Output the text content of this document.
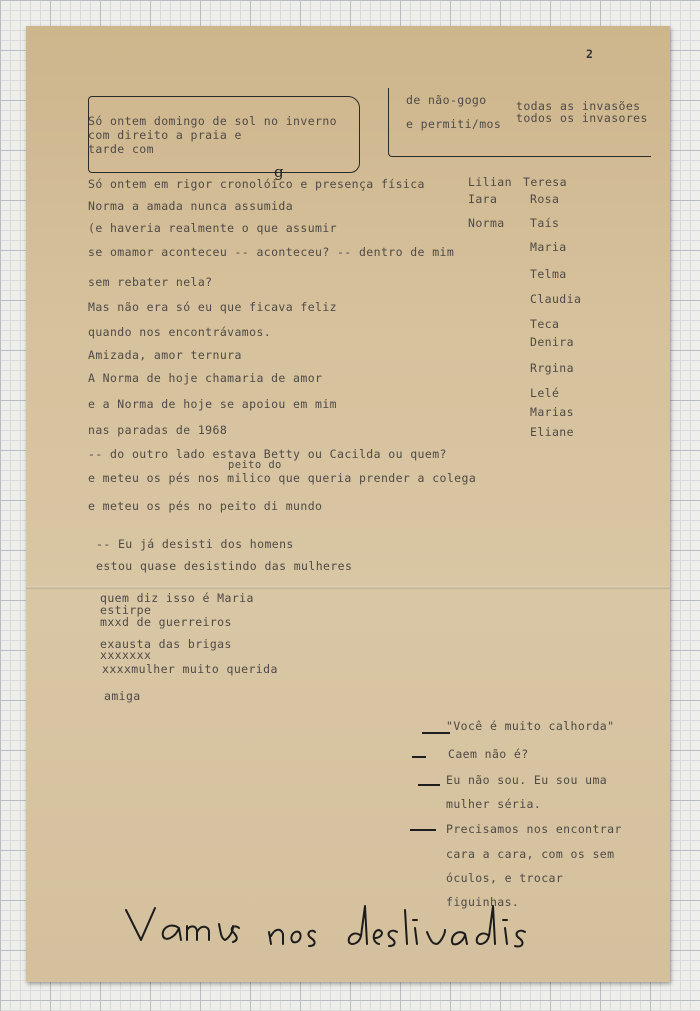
2
Só ontem domingo de sol no inverno
com direito a praia e
tarde com
de não-gogo
e permiti/mos
todas as invasões
todos os invasores
g
Só ontem em rigor cronolóico e presença física
Norma a amada nunca assumida
(e haveria realmente o que assumir
se omamor aconteceu -- aconteceu? -- dentro de mim
sem rebater nela?
Mas não era só eu que ficava feliz
quando nos encontrávamos.
Amizada, amor ternura
A Norma de hoje chamaria de amor
e a Norma de hoje se apoiou em mim
nas paradas de 1968
-- do outro lado estava Betty ou Cacilda ou quem?
peito do
e meteu os pés nos milico que queria prender a colega
e meteu os pés no peito di mundo
Lilian
Iara
Norma
Teresa
Rosa
Taís
Maria
Telma
Claudia
Teca
Denira
Rrgina
Lelé
Marias
Eliane
-- Eu já desisti dos homens
estou quase desistindo das mulheres
quem diz isso é Maria
estirpe
mxxd de guerreiros
exausta das brigas
xxxxxxx
xxxxmulher muito querida
amiga
"Você é muito calhorda"
Caem não é?
Eu não sou. Eu sou uma
mulher séria.
Precisamos nos encontrar
cara a cara, com os sem
óculos, e trocar
figuinhas.
